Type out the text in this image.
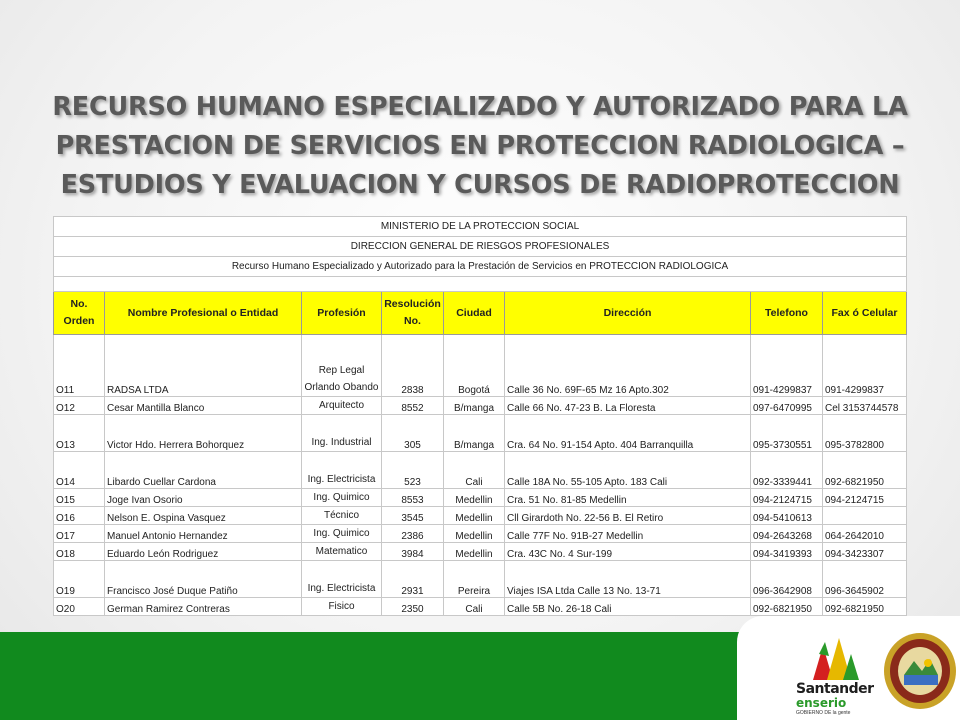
RECURSO HUMANO ESPECIALIZADO Y AUTORIZADO PARA LA
PRESTACION DE SERVICIOS EN PROTECCION RADIOLOGICA –
ESTUDIOS Y EVALUACION Y CURSOS DE RADIOPROTECCION
MINISTERIO DE LA PROTECCION SOCIAL							
DIRECCION GENERAL DE RIESGOS PROFESIONALES							
Recurso Humano Especializado y Autorizado para la Prestación de Servicios en PROTECCION RADIOLOGICA							

No. Orden	Nombre Profesional o Entidad	Profesión	Resolución No.	Ciudad	Dirección	Telefono	Fax ó Celular
O11	RADSA LTDA	Rep Legal Orlando Obando	2838	Bogotá	Calle 36 No. 69F-65 Mz 16 Apto.302	091-4299837	091-4299837
O12	Cesar Mantilla Blanco	Arquitecto	8552	B/manga	Calle 66 No. 47-23 B. La Floresta	097-6470995	Cel 3153744578
O13	Victor Hdo. Herrera Bohorquez	Ing. Industrial	305	B/manga	Cra. 64 No. 91-154 Apto. 404 Barranquilla	095-3730551	095-3782800
O14	Libardo Cuellar Cardona	Ing. Electricista	523	Cali	Calle 18A No. 55-105 Apto. 183 Cali	092-3339441	092-6821950
O15	Joge Ivan Osorio	Ing. Quimico	8553	Medellin	Cra. 51 No. 81-85 Medellin	094-2124715	094-2124715
O16	Nelson E. Ospina Vasquez	Técnico	3545	Medellin	Cll Girardoth No. 22-56 B. El Retiro	094-5410613	
O17	Manuel Antonio Hernandez	Ing. Quimico	2386	Medellin	Calle 77F No. 91B-27 Medellin	094-2643268	064-2642010
O18	Eduardo León Rodriguez	Matematico	3984	Medellin	Cra. 43C No. 4 Sur-199	094-3419393	094-3423307
O19	Francisco José Duque Patiño	Ing. Electricista	2931	Pereira	Viajes ISA Ltda Calle 13 No. 13-71	096-3642908	096-3645902
O20	German Ramirez Contreras	Fisico	2350	Cali	Calle 5B No. 26-18 Cali	092-6821950	092-6821950
Santander
enserio
GOBIERNO DE la gente
